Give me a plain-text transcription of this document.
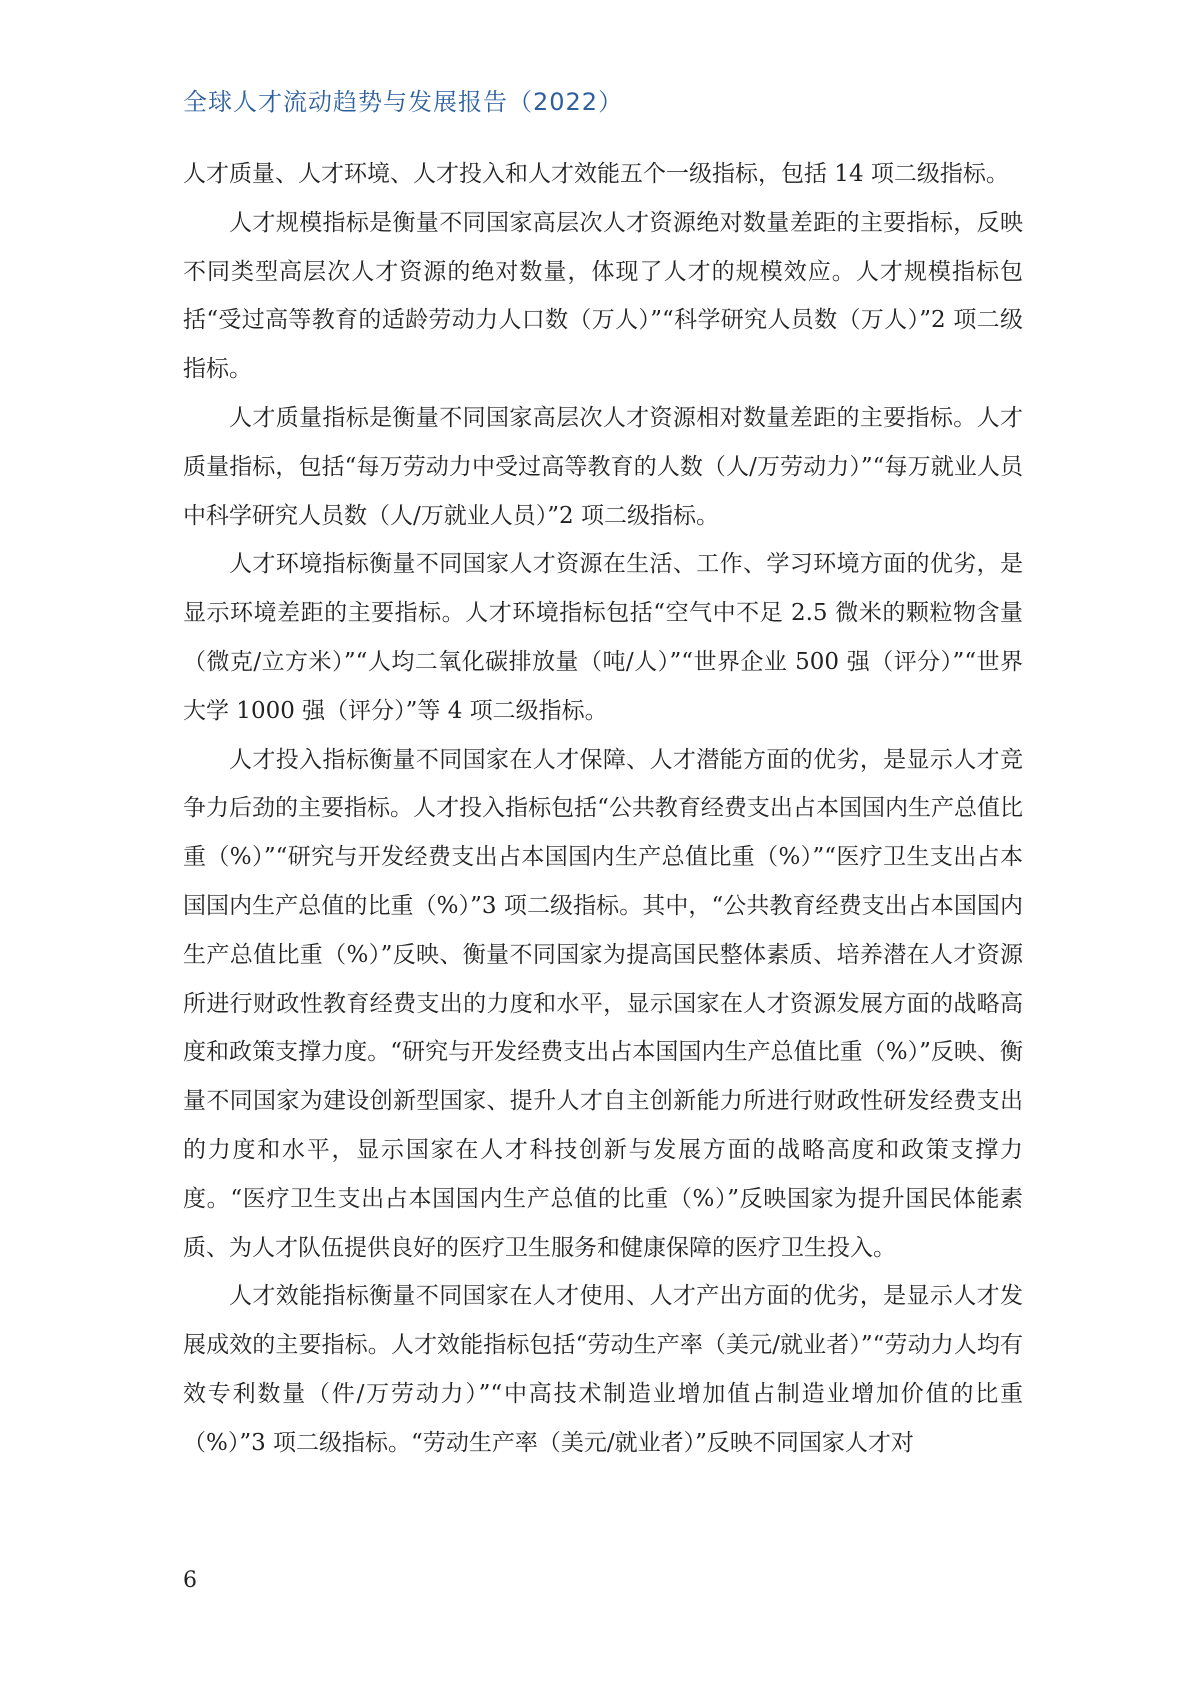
全球人才流动趋势与发展报告（2022）

人才质量、人才环境、人才投入和人才效能五个一级指标，包括 14 项二级指标。

人才规模指标是衡量不同国家高层次人才资源绝对数量差距的主要指标，反映不同类型高层次人才资源的绝对数量，体现了人才的规模效应。人才规模指标包括“受过高等教育的适龄劳动力人口数（万人）”“科学研究人员数（万人）”2 项二级指标。

人才质量指标是衡量不同国家高层次人才资源相对数量差距的主要指标。人才质量指标，包括“每万劳动力中受过高等教育的人数（人/万劳动力）”“每万就业人员中科学研究人员数（人/万就业人员）”2 项二级指标。

人才环境指标衡量不同国家人才资源在生活、工作、学习环境方面的优劣，是显示环境差距的主要指标。人才环境指标包括“空气中不足 2.5 微米的颗粒物含量（微克/立方米）”“人均二氧化碳排放量（吨/人）”“世界企业 500 强（评分）”“世界大学 1000 强（评分）”等 4 项二级指标。

人才投入指标衡量不同国家在人才保障、人才潜能方面的优劣，是显示人才竞争力后劲的主要指标。人才投入指标包括“公共教育经费支出占本国国内生产总值比重（%）”“研究与开发经费支出占本国国内生产总值比重（%）”“医疗卫生支出占本国国内生产总值的比重（%）”3 项二级指标。其中，“公共教育经费支出占本国国内生产总值比重（%）”反映、衡量不同国家为提高国民整体素质、培养潜在人才资源所进行财政性教育经费支出的力度和水平，显示国家在人才资源发展方面的战略高度和政策支撑力度。“研究与开发经费支出占本国国内生产总值比重（%）”反映、衡量不同国家为建设创新型国家、提升人才自主创新能力所进行财政性研发经费支出的力度和水平，显示国家在人才科技创新与发展方面的战略高度和政策支撑力度。“医疗卫生支出占本国国内生产总值的比重（%）”反映国家为提升国民体能素质、为人才队伍提供良好的医疗卫生服务和健康保障的医疗卫生投入。

人才效能指标衡量不同国家在人才使用、人才产出方面的优劣，是显示人才发展成效的主要指标。人才效能指标包括“劳动生产率（美元/就业者）”“劳动力人均有效专利数量（件/万劳动力）”“中高技术制造业增加值占制造业增加价值的比重（%）”3 项二级指标。“劳动生产率（美元/就业者）”反映不同国家人才对

6
